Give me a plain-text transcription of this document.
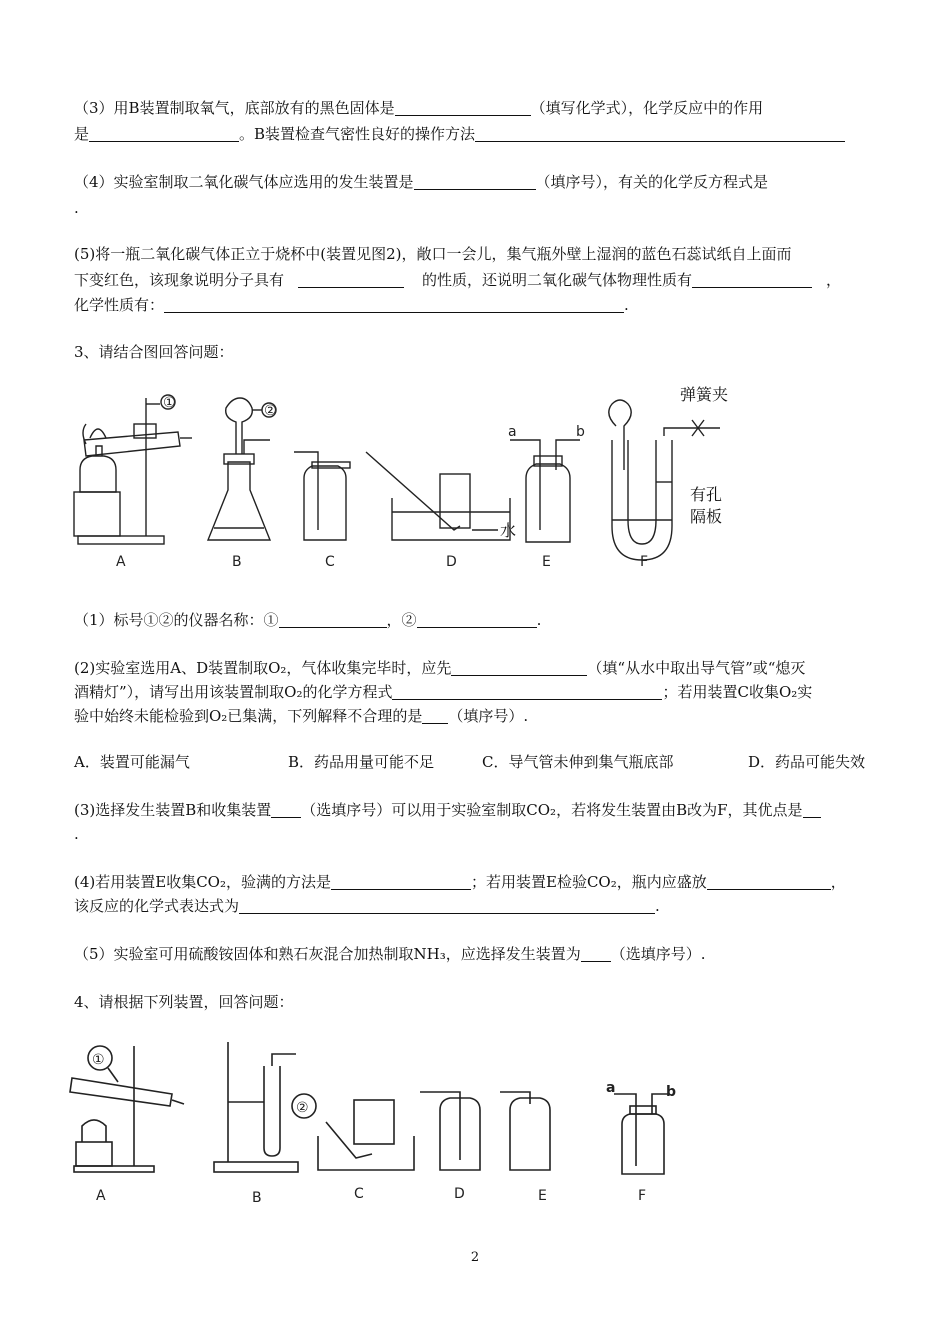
（3）用B装置制取氧气，底部放有的黑色固体是	（填写化学式），化学反应中的作用
是	。B装置检查气密性良好的操作方法
（4）实验室制取二氧化碳气体应选用的发生装置是	（填序号），有关的化学反方程式是
.
(5)将一瓶二氧化碳气体正立于烧杯中(装置见图2)，敞口一会儿，集气瓶外壁上湿润的蓝色石蕊试纸自上面而
下变红色，该现象说明分子具有	的性质，还说明二氧化碳气体物理性质有	，
化学性质有：	.
3、请结合图回答问题：
①	②
水
a	b
弹簧夹
有孔
隔板
A	B	C	D	E	F
①
②
a	b
A	B	C	D	E	F
（1）标号①②的仪器名称：①	，②	.
(2)实验室选用A、D装置制取O₂，气体收集完毕时，应先	（填“从水中取出导气管”或“熄灭
酒精灯”），请写出用该装置制取O₂的化学方程式	；若用装置C收集O₂实
验中始终未能检验到O₂已集满，下列解释不合理的是 （填序号）.
A．装置可能漏气	B．药品用量可能不足	C．导气管未伸到集气瓶底部	D．药品可能失效
(3)选择发生装置B和收集装置 （选填序号）可以用于实验室制取CO₂，若将发生装置由B改为F，其优点是
.
(4)若用装置E收集CO₂，验满的方法是	；若用装置E检验CO₂，瓶内应盛放	，
该反应的化学式表达式为	.
（5）实验室可用硫酸铵固体和熟石灰混合加热制取NH₃，应选择发生装置为 （选填序号）.
4、请根据下列装置，回答问题：
2
